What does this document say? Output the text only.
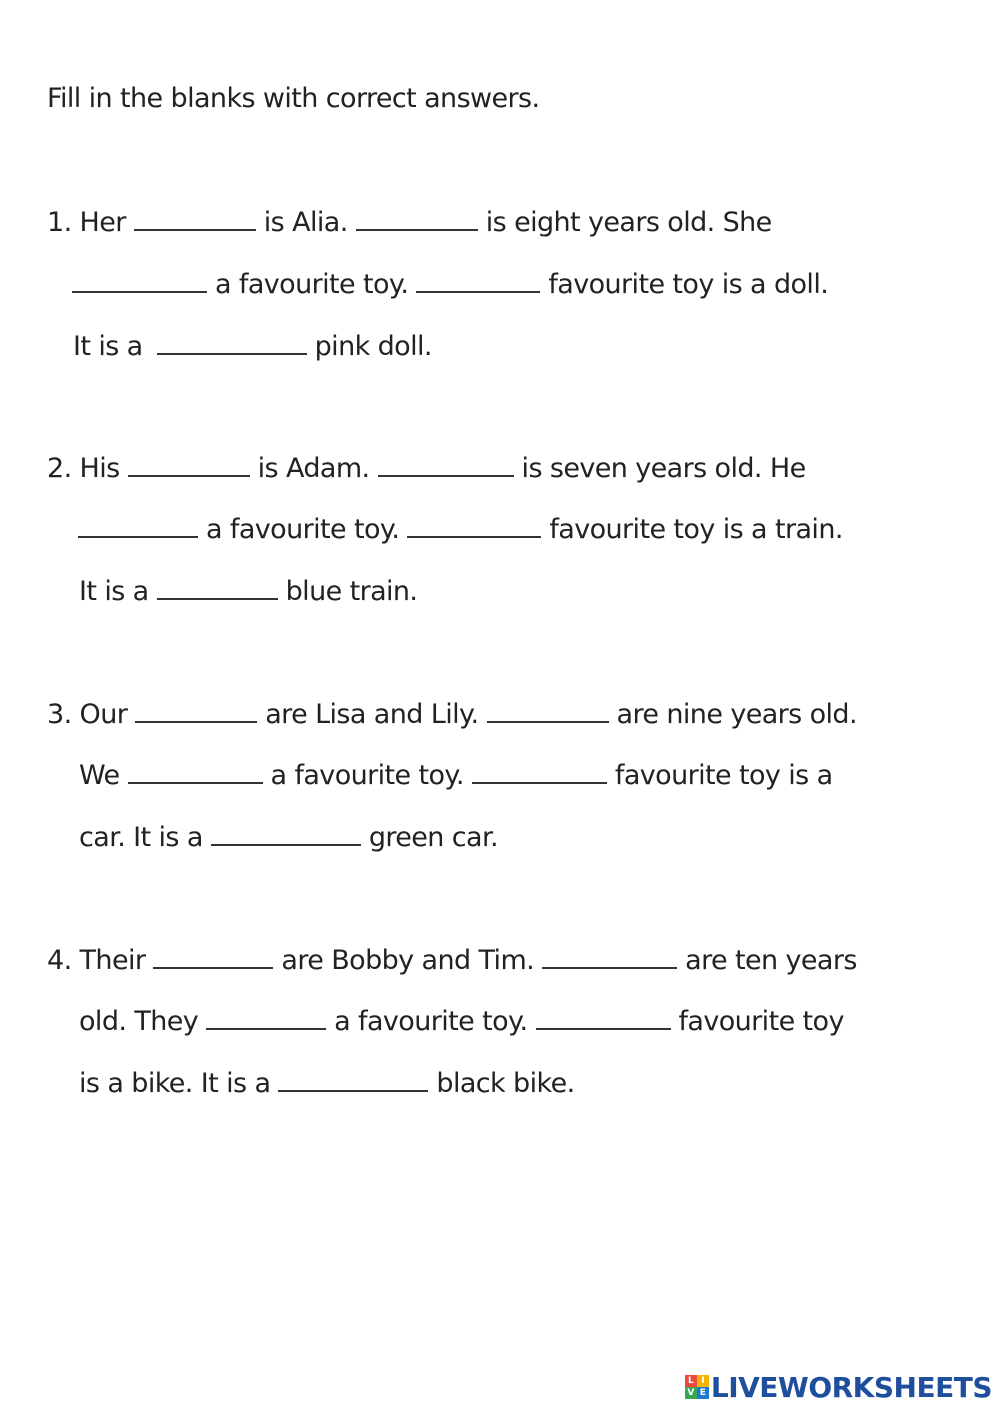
Fill in the blanks with correct answers.
1. Her	is Alia.	is eight years old. She
a favourite toy.	favourite toy is a doll.
It is a	pink doll.
2. His	is Adam.	is seven years old. He
a favourite toy.	favourite toy is a train.
It is a	blue train.
3. Our	are Lisa and Lily.	are nine years old.
We	a favourite toy.	favourite toy is a
car. It is a	green car.
4. Their	are Bobby and Tim.	are ten years
old. They	a favourite toy.	favourite toy
is a bike. It is a	black bike.
L I
V E LIVEWORKSHEETS
